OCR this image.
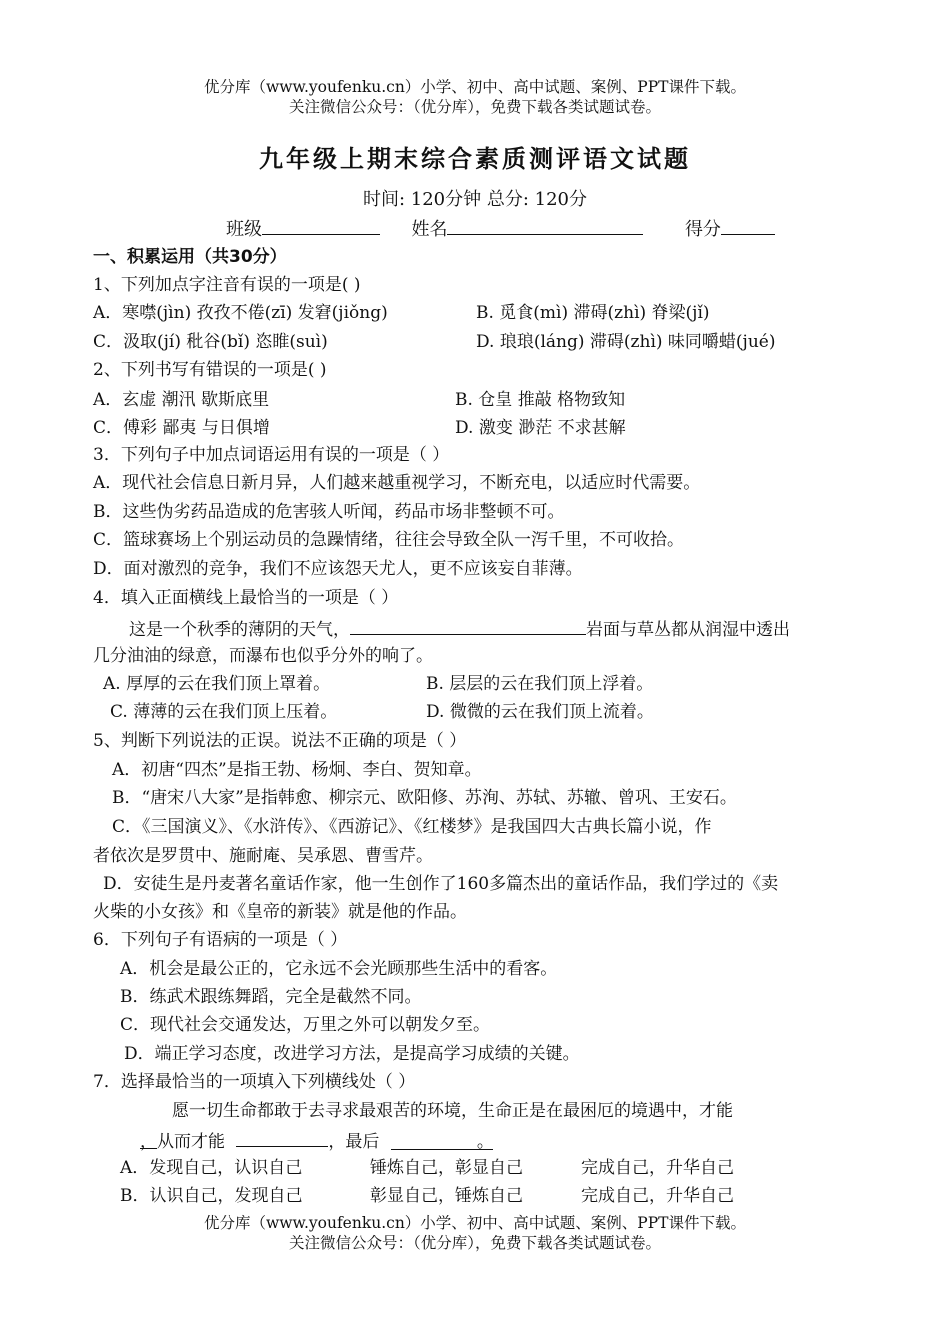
优分库（www.youfenku.cn）小学、初中、高中试题、案例、PPT课件下载。
关注微信公众号：（优分库），免费下载各类试题试卷。
九年级上期末综合素质测评语文试题
时间: 120分钟 总分: 120分
班级	姓名	得分
一、积累运用（共30分）
1、下列加点字注音有误的一项是( )
A．寒噤(jìn) 孜孜不倦(zī) 发窘(jiǒng)	B. 觅食(mì) 滞碍(zhì) 脊梁(jǐ)
C．汲取(jí) 秕谷(bǐ) 恣睢(suì)	D. 琅琅(láng) 滞碍(zhì) 味同嚼蜡(jué)
2、下列书写有错误的一项是( )
A．玄虚 潮汛 歇斯底里	B. 仓皇 推敲 格物致知
C．傅彩 鄙夷 与日俱增	D. 激变 渺茫 不求甚解
3．下列句子中加点词语运用有误的一项是（ ）
A．现代社会信息日新月异，人们越来越重视学习，不断充电，以适应时代需要。
B．这些伪劣药品造成的危害骇人听闻，药品市场非整顿不可。
C．篮球赛场上个别运动员的急躁情绪，往往会导致全队一泻千里，不可收拾。
D．面对激烈的竞争，我们不应该怨天尤人，更不应该妄自菲薄。
4．填入正面横线上最恰当的一项是（ ）
这是一个秋季的薄阴的天气，	岩面与草丛都从润湿中透出
几分油油的绿意，而瀑布也似乎分外的响了。
A. 厚厚的云在我们顶上罩着。	B. 层层的云在我们顶上浮着。
C. 薄薄的云在我们顶上压着。	D. 微微的云在我们顶上流着。
5、判断下列说法的正误。说法不正确的项是（ ）
A．初唐“四杰”是指王勃、杨炯、李白、贺知章。
B．“唐宋八大家”是指韩愈、柳宗元、欧阳修、苏洵、苏轼、苏辙、曾巩、王安石。
C．《三国演义》、《水浒传》、《西游记》、《红楼梦》是我国四大古典长篇小说，作
者依次是罗贯中、施耐庵、吴承恩、曹雪芹。
D．安徒生是丹麦著名童话作家，他一生创作了160多篇杰出的童话作品，我们学过的《卖
火柴的小女孩》和《皇帝的新装》就是他的作品。
6．下列句子有语病的一项是（ ）
A．机会是最公正的，它永远不会光顾那些生活中的看客。
B．练武术跟练舞蹈，完全是截然不同。
C．现代社会交通发达，万里之外可以朝发夕至。
D．端正学习态度，改进学习方法，是提高学习成绩的关键。
7．选择最恰当的一项填入下列横线处（ ）
愿一切生命都敢于去寻求最艰苦的环境，生命正是在最困厄的境遇中，才能
，从而才能	，最后	。
A．发现自己，认识自己	锤炼自己，彰显自己	完成自己，升华自己
B．认识自己，发现自己	彰显自己，锤炼自己	完成自己，升华自己
优分库（www.youfenku.cn）小学、初中、高中试题、案例、PPT课件下载。
关注微信公众号：（优分库），免费下载各类试题试卷。
